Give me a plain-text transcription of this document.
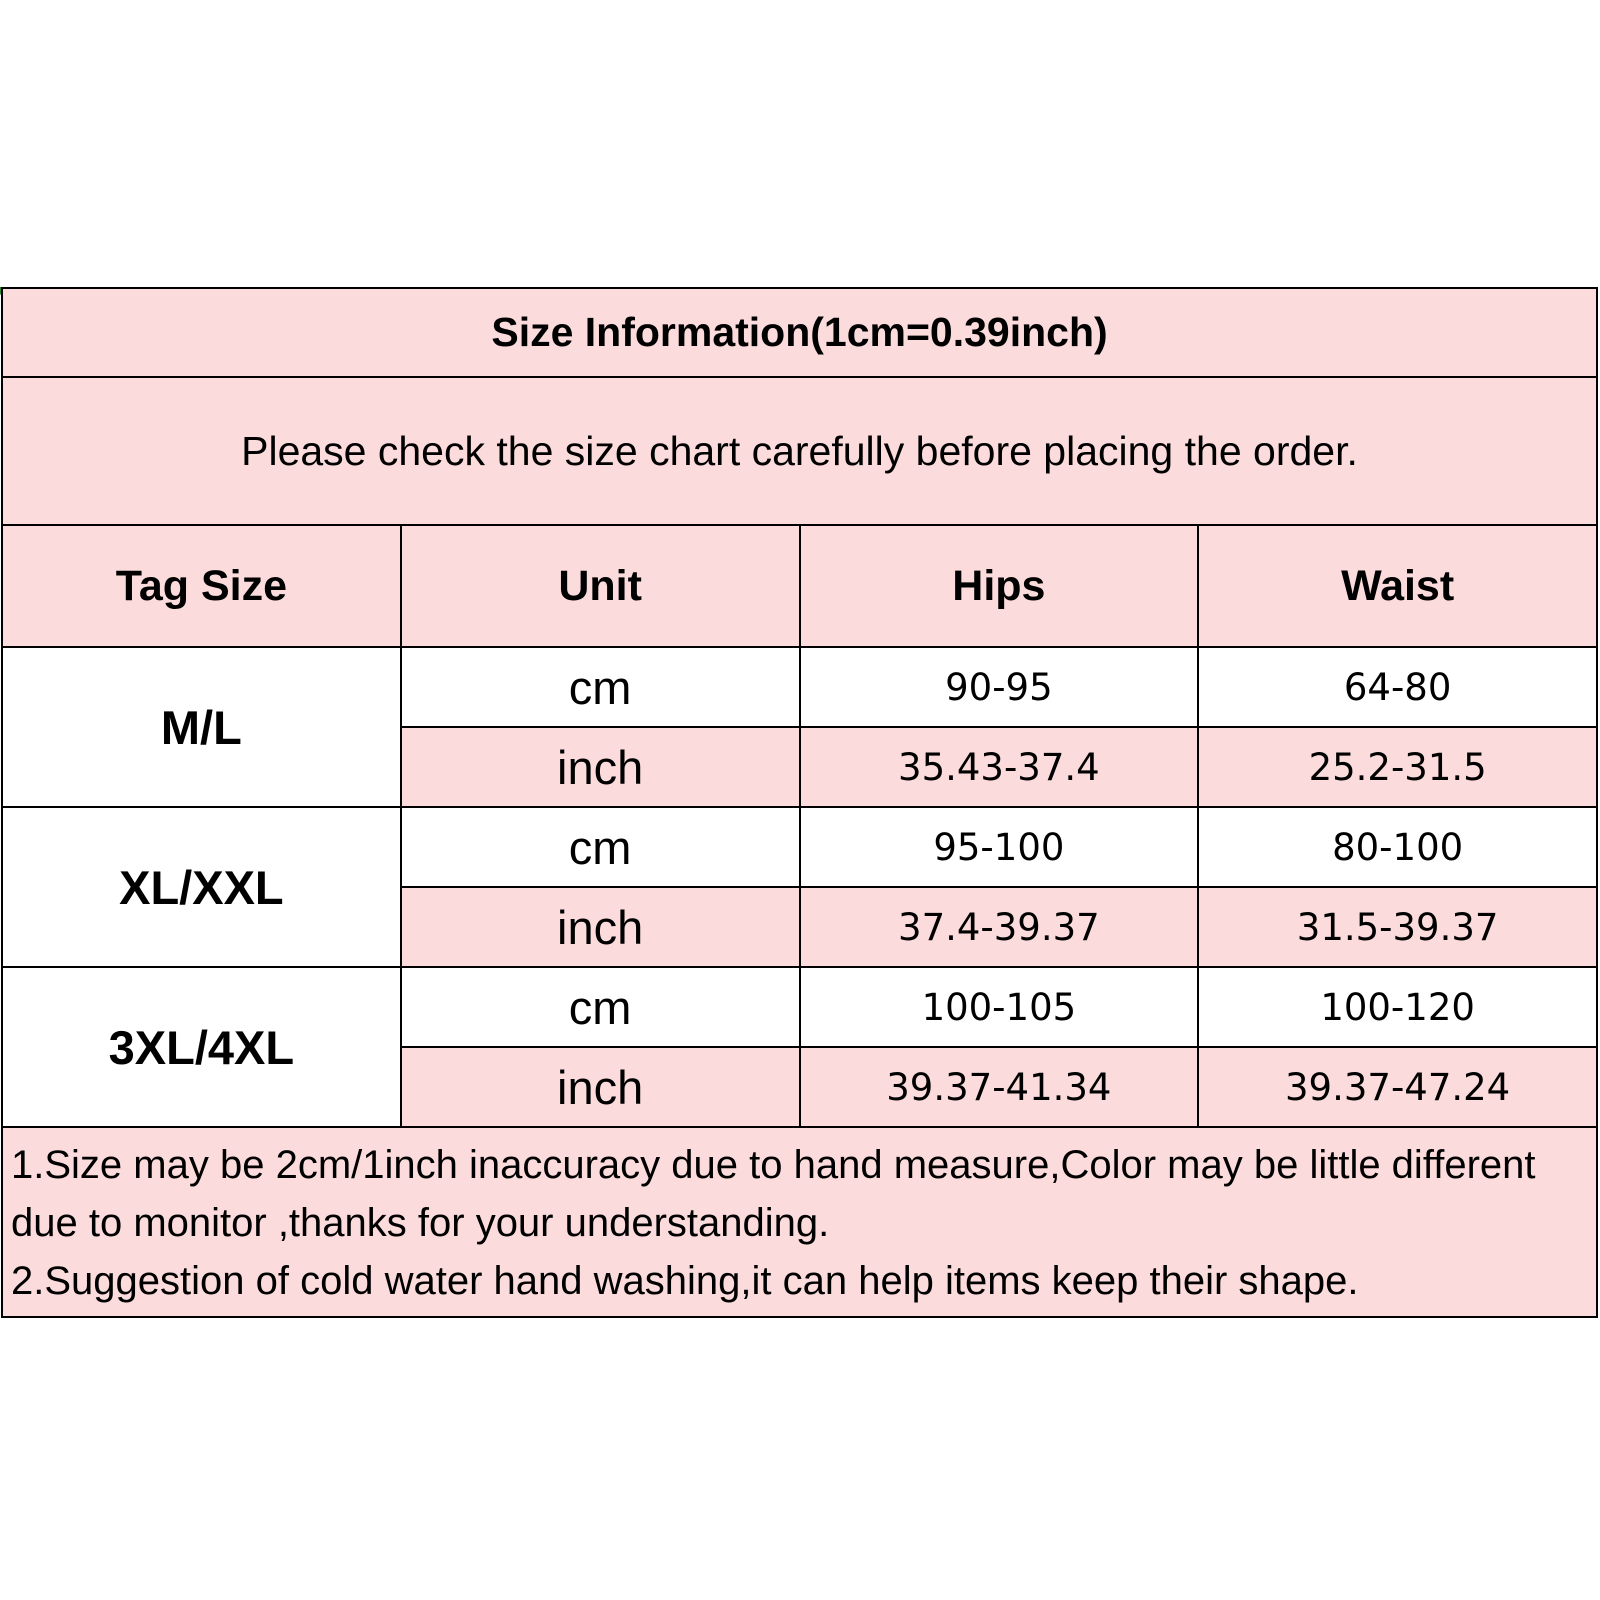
Size Information(1cm=0.39inch)			
Please check the size chart carefully before placing the order.			
Tag Size	Unit	Hips	Waist
M/L	cm	90-95	64-80
	inch	35.43-37.4	25.2-31.5
XL/XXL	cm	95-100	80-100
	inch	37.4-39.37	31.5-39.37
3XL/4XL	cm	100-105	100-120
	inch	39.37-41.34	39.37-47.24

1.Size may be 2cm/1inch inaccuracy due to hand measure,Color may be little different due to monitor ,thanks for your understanding.
2.Suggestion of cold water hand washing,it can help items keep their shape.			
